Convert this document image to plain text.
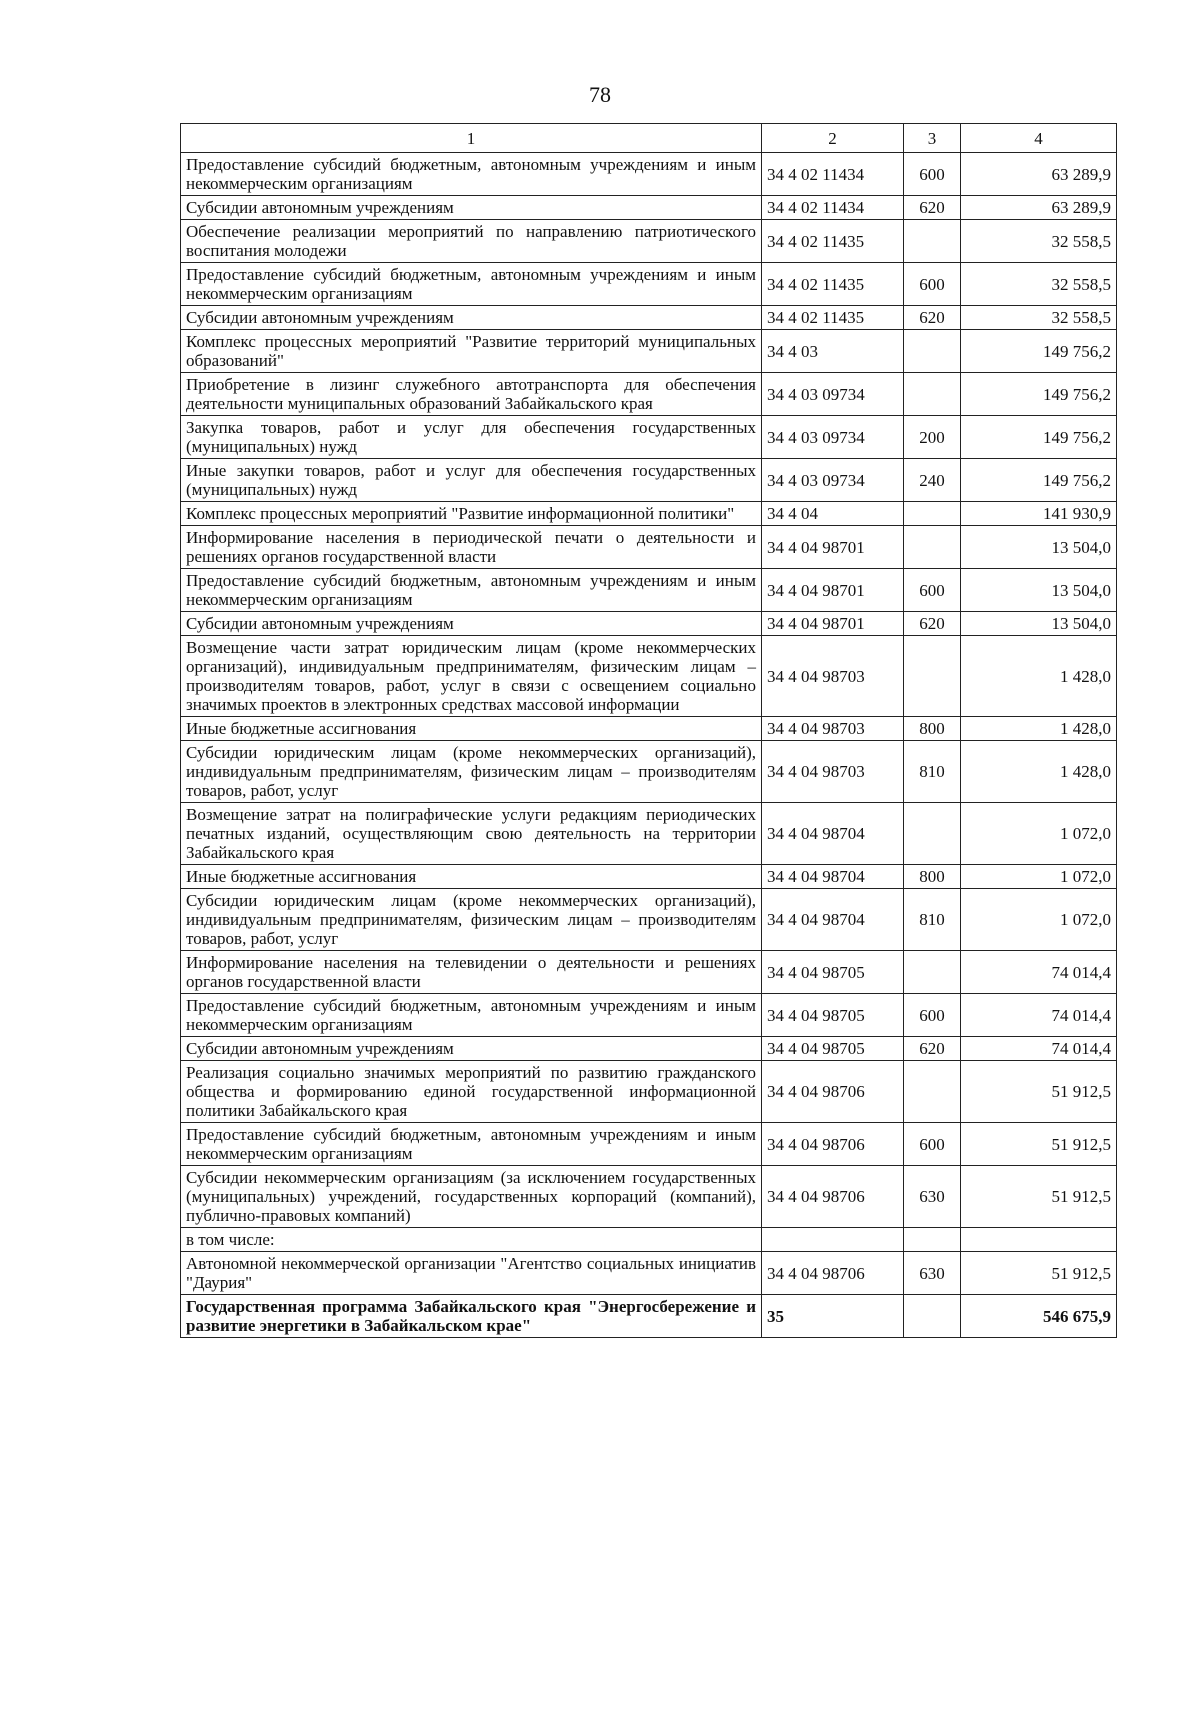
78
1	2	3	4
Предоставление субсидий бюджетным, автономным учреждениям и иным некоммерческим организациям	34 4 02 11434	600	63 289,9
Субсидии автономным учреждениям	34 4 02 11434	620	63 289,9
Обеспечение реализации мероприятий по направлению патриотического воспитания молодежи	34 4 02 11435		32 558,5
Предоставление субсидий бюджетным, автономным учреждениям и иным некоммерческим организациям	34 4 02 11435	600	32 558,5
Субсидии автономным учреждениям	34 4 02 11435	620	32 558,5
Комплекс процессных мероприятий "Развитие территорий муниципальных образований"	34 4 03		149 756,2
Приобретение в лизинг служебного автотранспорта для обеспечения деятельности муниципальных образований Забайкальского края	34 4 03 09734		149 756,2
Закупка товаров, работ и услуг для обеспечения государственных (муниципальных) нужд	34 4 03 09734	200	149 756,2
Иные закупки товаров, работ и услуг для обеспечения государственных (муниципальных) нужд	34 4 03 09734	240	149 756,2
Комплекс процессных мероприятий "Развитие информационной политики"	34 4 04		141 930,9
Информирование населения в периодической печати о деятельности и решениях органов государственной власти	34 4 04 98701		13 504,0
Предоставление субсидий бюджетным, автономным учреждениям и иным некоммерческим организациям	34 4 04 98701	600	13 504,0
Субсидии автономным учреждениям	34 4 04 98701	620	13 504,0
Возмещение части затрат юридическим лицам (кроме некоммерческих организаций), индивидуальным предпринимателям, физическим лицам – производителям товаров, работ, услуг в связи с освещением социально значимых проектов в электронных средствах массовой информации	34 4 04 98703		1 428,0
Иные бюджетные ассигнования	34 4 04 98703	800	1 428,0
Субсидии юридическим лицам (кроме некоммерческих организаций), индивидуальным предпринимателям, физическим лицам – производителям товаров, работ, услуг	34 4 04 98703	810	1 428,0
Возмещение затрат на полиграфические услуги редакциям периодических печатных изданий, осуществляющим свою деятельность на территории Забайкальского края	34 4 04 98704		1 072,0
Иные бюджетные ассигнования	34 4 04 98704	800	1 072,0
Субсидии юридическим лицам (кроме некоммерческих организаций), индивидуальным предпринимателям, физическим лицам – производителям товаров, работ, услуг	34 4 04 98704	810	1 072,0
Информирование населения на телевидении о деятельности и решениях органов государственной власти	34 4 04 98705		74 014,4
Предоставление субсидий бюджетным, автономным учреждениям и иным некоммерческим организациям	34 4 04 98705	600	74 014,4
Субсидии автономным учреждениям	34 4 04 98705	620	74 014,4
Реализация социально значимых мероприятий по развитию гражданского общества и формированию единой государственной информационной политики Забайкальского края	34 4 04 98706		51 912,5
Предоставление субсидий бюджетным, автономным учреждениям и иным некоммерческим организациям	34 4 04 98706	600	51 912,5
Субсидии некоммерческим организациям (за исключением государственных (муниципальных) учреждений, государственных корпораций (компаний), публично-правовых компаний)	34 4 04 98706	630	51 912,5
в том числе:			
Автономной некоммерческой организации "Агентство социальных инициатив "Даурия"	34 4 04 98706	630	51 912,5
Государственная программа Забайкальского края "Энергосбережение и развитие энергетики в Забайкальском крае"	35		546 675,9
